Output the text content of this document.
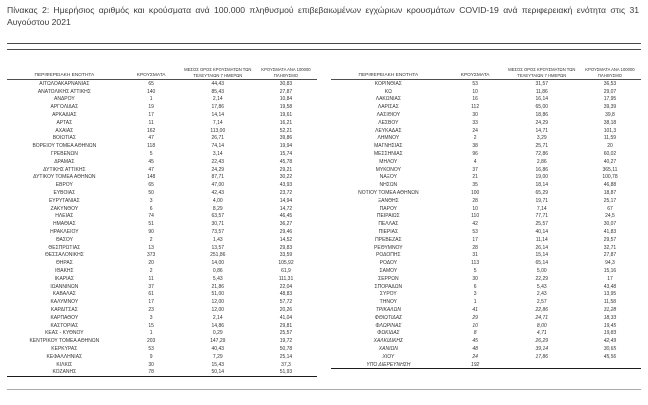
Πίνακας 2: Ημερήσιος αριθμός και κρούσματα ανά 100.000 πληθυσμού επιβεβαιωμένων εγχώριων κρουσμάτων COVID-19 ανά περιφερειακή ενότητα στις 31 Αυγούστου 2021
ΠΕΡΙΦΕΡΕΙΑΚΗ ΕΝΟΤΗΤΑ	ΚΡΟΥΣΜΑΤΑ
ΜΕΣΟΣ ΟΡΟΣ ΚΡΟΥΣΜΑΤΩΝ ΤΩΝ ΤΕΛΕΥΤΑΙΩΝ 7 ΗΜΕΡΩΝ
ΚΡΟΥΣΜΑΤΑ ΑΝΑ 100000 ΠΛΗΘΥΣΜΟ
ΑΙΤΩΛΟΑΚΑΡΝΑΝΙΑΣ	65	44,43	30,83
ΑΝΑΤΟΛΙΚΗΣ ΑΤΤΙΚΗΣ	140	85,43	27,87
ΑΝΔΡΟΥ	1	2,14	10,84
ΑΡΓΟΛΙΔΑΣ	19	17,86	19,58
ΑΡΚΑΔΙΑΣ	17	14,14	19,61
ΑΡΤΑΣ	11	7,14	16,21
ΑΧΑΪΑΣ	162	113,00	52,21
ΒΟΙΩΤΙΑΣ	47	26,71	39,86
ΒΟΡΕΙΟΥ ΤΟΜΕΑ ΑΘΗΝΩΝ	118	74,14	19,94
ΓΡΕΒΕΝΩΝ	5	3,14	15,74
ΔΡΑΜΑΣ	45	22,43	45,78
ΔΥΤΙΚΗΣ ΑΤΤΙΚΗΣ	47	24,29	29,21
ΔΥΤΙΚΟΥ ΤΟΜΕΑ ΑΘΗΝΩΝ	148	87,71	30,22
ΕΒΡΟΥ	65	47,00	43,93
ΕΥΒΟΙΑΣ	50	42,43	23,72
ΕΥΡΥΤΑΝΙΑΣ	3	4,00	14,94
ΖΑΚΥΝΘΟΥ	6	8,29	14,72
ΗΛΕΙΑΣ	74	63,57	46,45
ΗΜΑΘΙΑΣ	51	30,71	36,27
ΗΡΑΚΛΕΙΟΥ	90	73,57	29,46
ΘΑΣΟΥ	2	1,43	14,52
ΘΕΣΠΡΩΤΙΑΣ	13	13,57	29,83
ΘΕΣΣΑΛΟΝΙΚΗΣ	373	251,86	33,59
ΘΗΡΑΣ	20	14,00	105,92
ΙΘΑΚΗΣ	2	0,86	61,9
ΙΚΑΡΙΑΣ	11	5,43	111,31
ΙΩΑΝΝΙΝΩΝ	37	21,86	22,04
ΚΑΒΑΛΑΣ	61	51,00	48,83
ΚΑΛΥΜΝΟΥ	17	12,00	57,72
ΚΑΡΔΙΤΣΑΣ	23	12,00	20,26
ΚΑΡΠΑΘΟΥ	3	2,14	41,04
ΚΑΣΤΟΡΙΑΣ	15	14,86	29,81
ΚΕΑΣ - ΚΥΘΝΟΥ	1	0,29	25,57
ΚΕΝΤΡΙΚΟΥ ΤΟΜΕΑ ΑΘΗΝΩΝ	203	147,29	19,72
ΚΕΡΚΥΡΑΣ	53	40,43	50,78
ΚΕΦΑΛΛΗΝΙΑΣ	9	7,29	25,14
ΚΙΛΚΙΣ	30	15,43	37,3
ΚΟΖΑΝΗΣ	78	50,14	51,93
ΠΕΡΙΦΕΡΕΙΑΚΗ ΕΝΟΤΗΤΑ	ΚΡΟΥΣΜΑΤΑ
ΜΕΣΟΣ ΟΡΟΣ ΚΡΟΥΣΜΑΤΩΝ ΤΩΝ ΤΕΛΕΥΤΑΙΩΝ 7 ΗΜΕΡΩΝ
ΚΡΟΥΣΜΑΤΑ ΑΝΑ 100000 ΠΛΗΘΥΣΜΟ
ΚΟΡΙΝΘΙΑΣ	53	31,57	36,53
ΚΩ	10	11,86	29,07
ΛΑΚΩΝΙΑΣ	16	16,14	17,95
ΛΑΡΙΣΑΣ	112	65,00	39,39
ΛΑΣΙΘΙΟΥ	30	18,86	39,8
ΛΕΣΒΟΥ	33	24,29	38,18
ΛΕΥΚΑΔΑΣ	24	14,71	101,3
ΛΗΜΝΟΥ	2	3,29	11,59
ΜΑΓΝΗΣΙΑΣ	38	25,71	20
ΜΕΣΣΗΝΙΑΣ	96	72,86	60,02
ΜΗΛΟΥ	4	2,86	40,27
ΜΥΚΟΝΟΥ	37	16,86	365,11
ΝΑΞΟΥ	21	19,00	100,78
ΝΗΣΩΝ	35	18,14	46,88
ΝΟΤΙΟΥ ΤΟΜΕΑ ΑΘΗΝΩΝ	100	65,29	18,87
ΞΑΝΘΗΣ	28	19,71	25,17
ΠΑΡΟΥ	10	7,14	67
ΠΕΙΡΑΙΩΣ	110	77,71	24,5
ΠΕΛΛΑΣ	42	25,57	30,07
ΠΙΕΡΙΑΣ	53	40,14	41,83
ΠΡΕΒΕΖΑΣ	17	11,14	29,57
ΡΕΘΥΜΝΟΥ	28	26,14	32,71
ΡΟΔΟΠΗΣ	31	15,14	27,87
ΡΟΔΟΥ	113	65,14	94,3
ΣΑΜΟΥ	5	5,00	15,16
ΣΕΡΡΩΝ	30	22,29	17
ΣΠΟΡΑΔΩΝ	6	5,43	43,48
ΣΥΡΟΥ	3	2,43	13,95
ΤΗΝΟΥ	1	2,57	11,58
ΤΡΙΚΑΛΩΝ	41	22,86	31,28
ΦΘΙΩΤΙΔΑΣ	29	24,71	18,33
ΦΛΩΡΙΝΑΣ	10	8,00	19,45
ΦΩΚΙΔΑΣ	8	4,71	19,83
ΧΑΛΚΙΔΙΚΗΣ	45	26,29	42,49
ΧΑΝΙΩΝ	48	39,14	30,65
ΧΙΟΥ	24	17,86	45,56
ΥΠΟ ΔΙΕΡΕΥΝΗΣΗ	192
